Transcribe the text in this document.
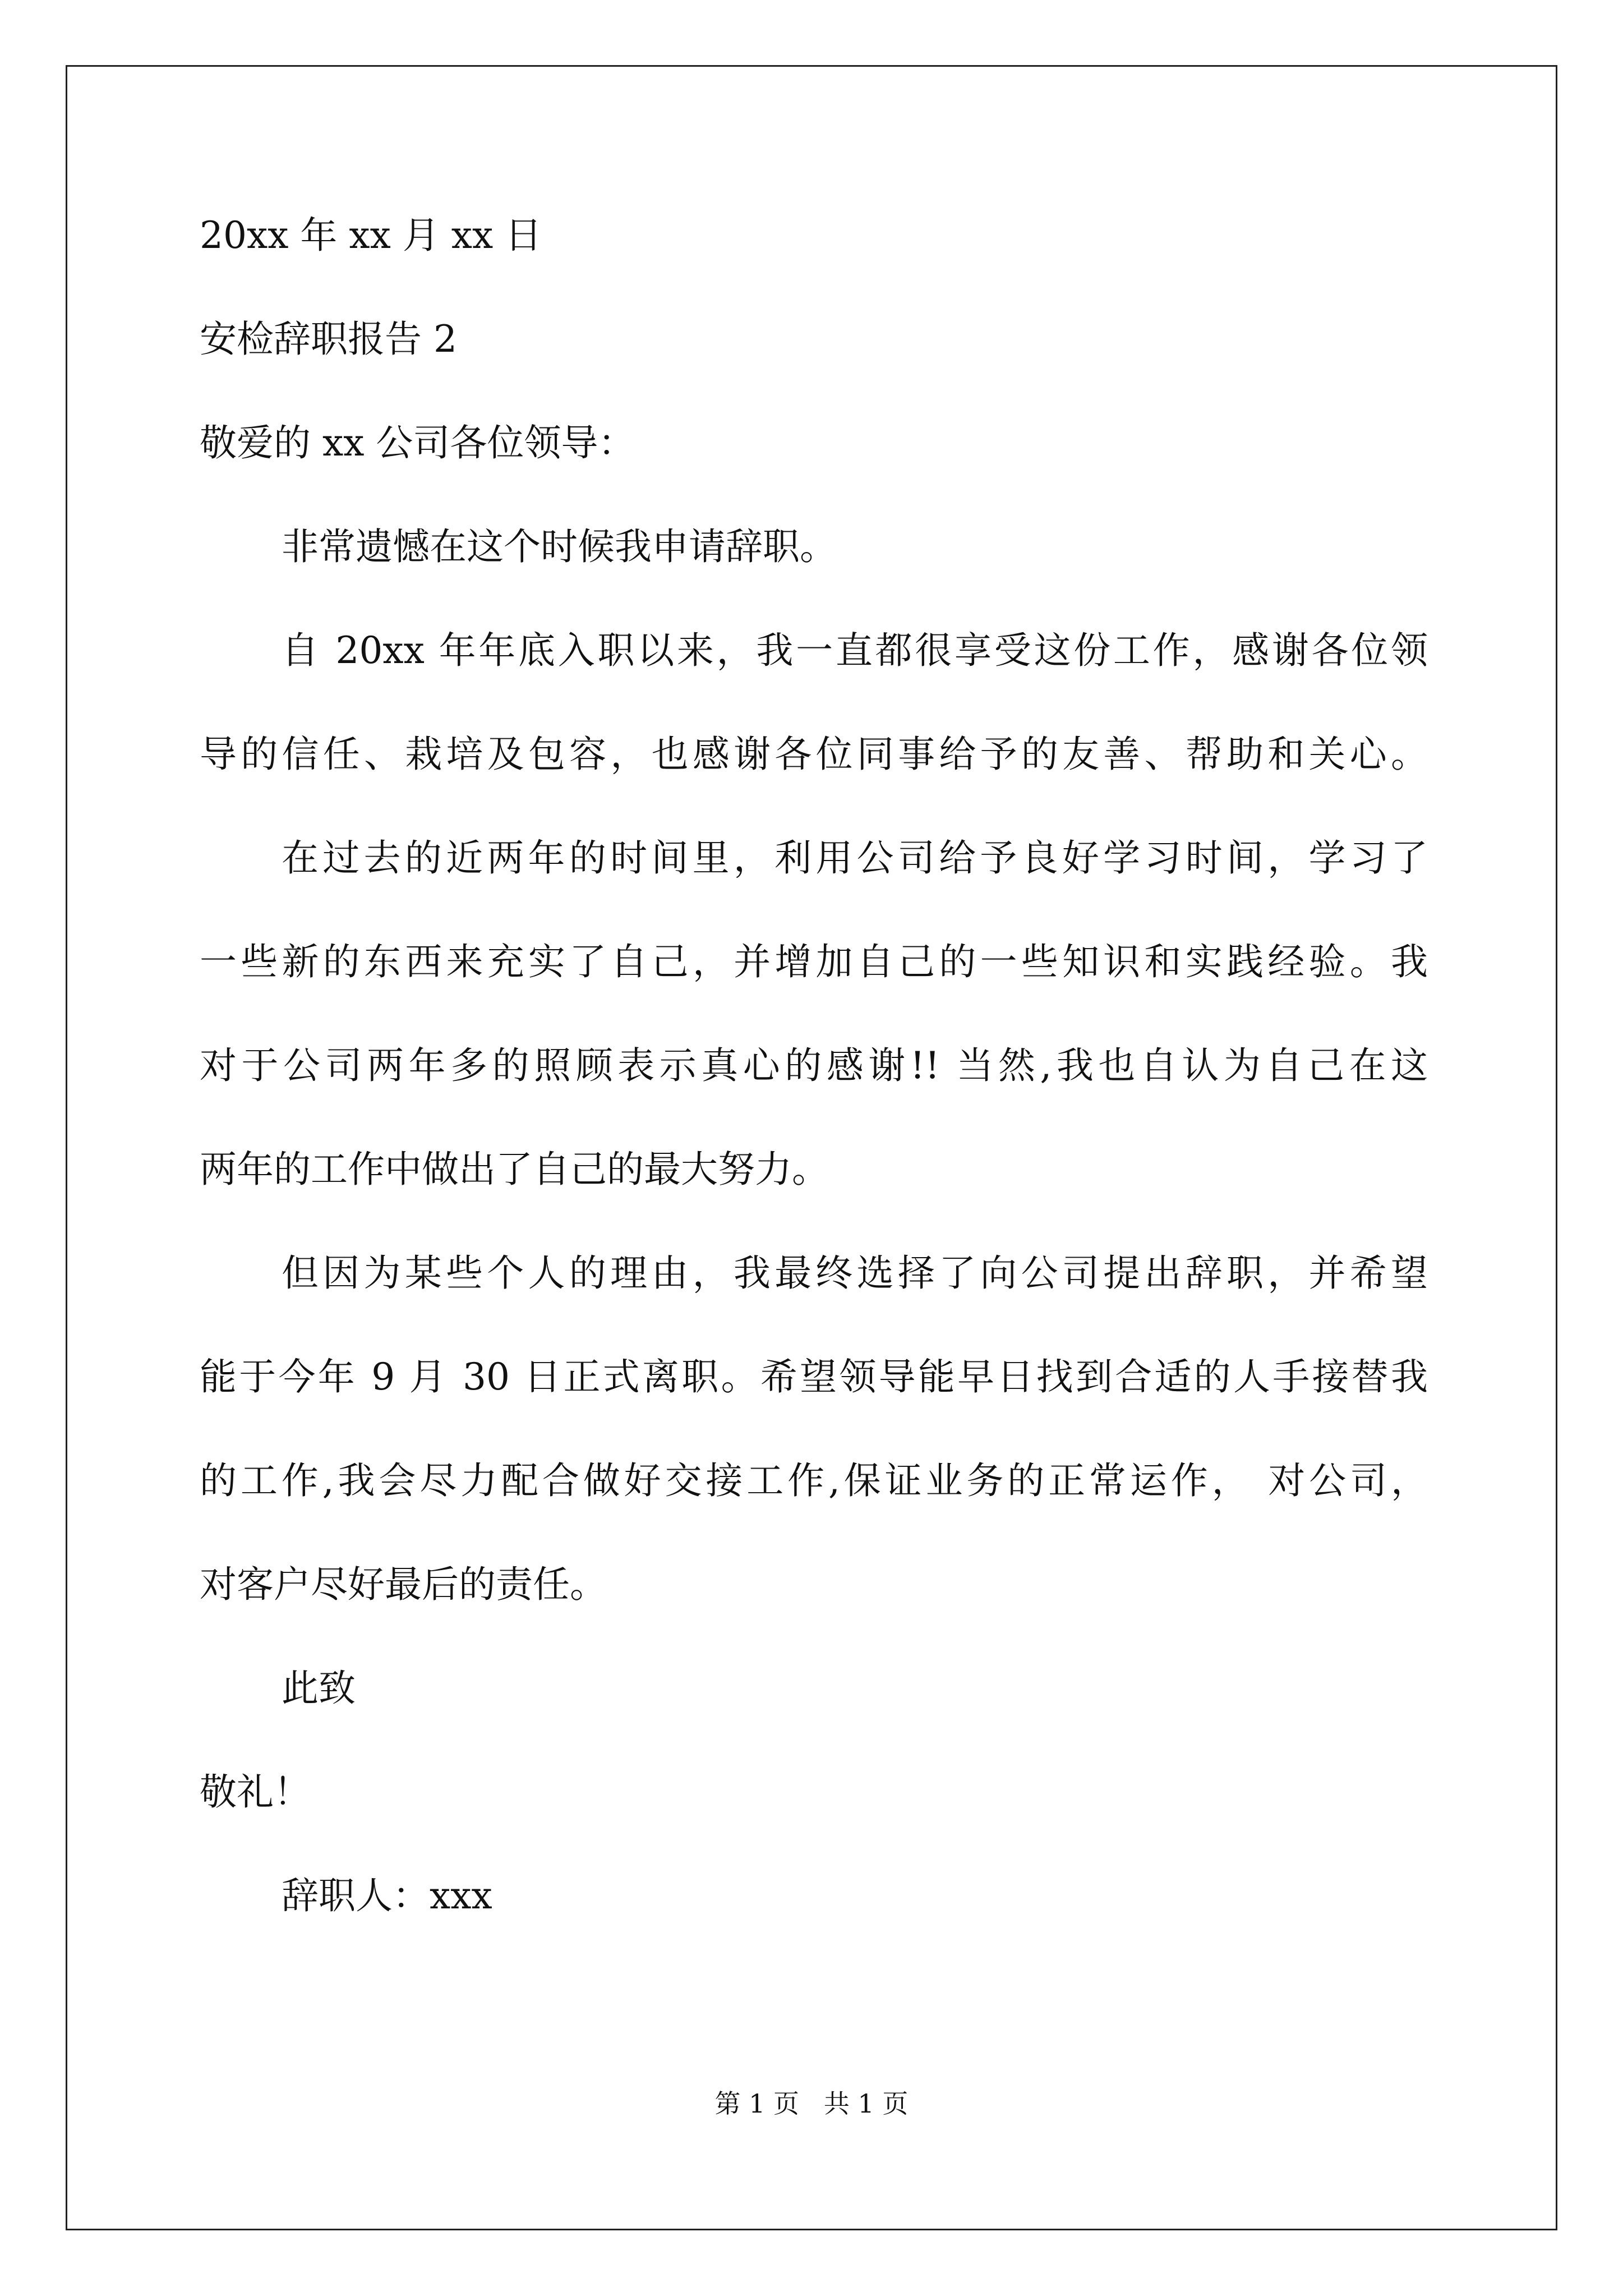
20xx 年 xx 月 xx 日
安检辞职报告 2
敬爱的 xx 公司各位领导：
非常遗憾在这个时候我申请辞职。
自 20xx 年年底入职以来，我一直都很享受这份工作，感谢各位领
导的信任、栽培及包容，也感谢各位同事给予的友善、帮助和关心。
在过去的近两年的时间里，利用公司给予良好学习时间，学习了
一些新的东西来充实了自己，并增加自己的一些知识和实践经验。我
对于公司两年多的照顾表示真心的感谢!! 当然,我也自认为自己在这
两年的工作中做出了自己的最大努力。
但因为某些个人的理由，我最终选择了向公司提出辞职，并希望
能于今年 9 月 30 日正式离职。希望领导能早日找到合适的人手接替我
的工作,我会尽力配合做好交接工作,保证业务的正常运作， 对公司，
对客户尽好最后的责任。
此致
敬礼！
辞职人：xxx
第 1 页   共 1 页
